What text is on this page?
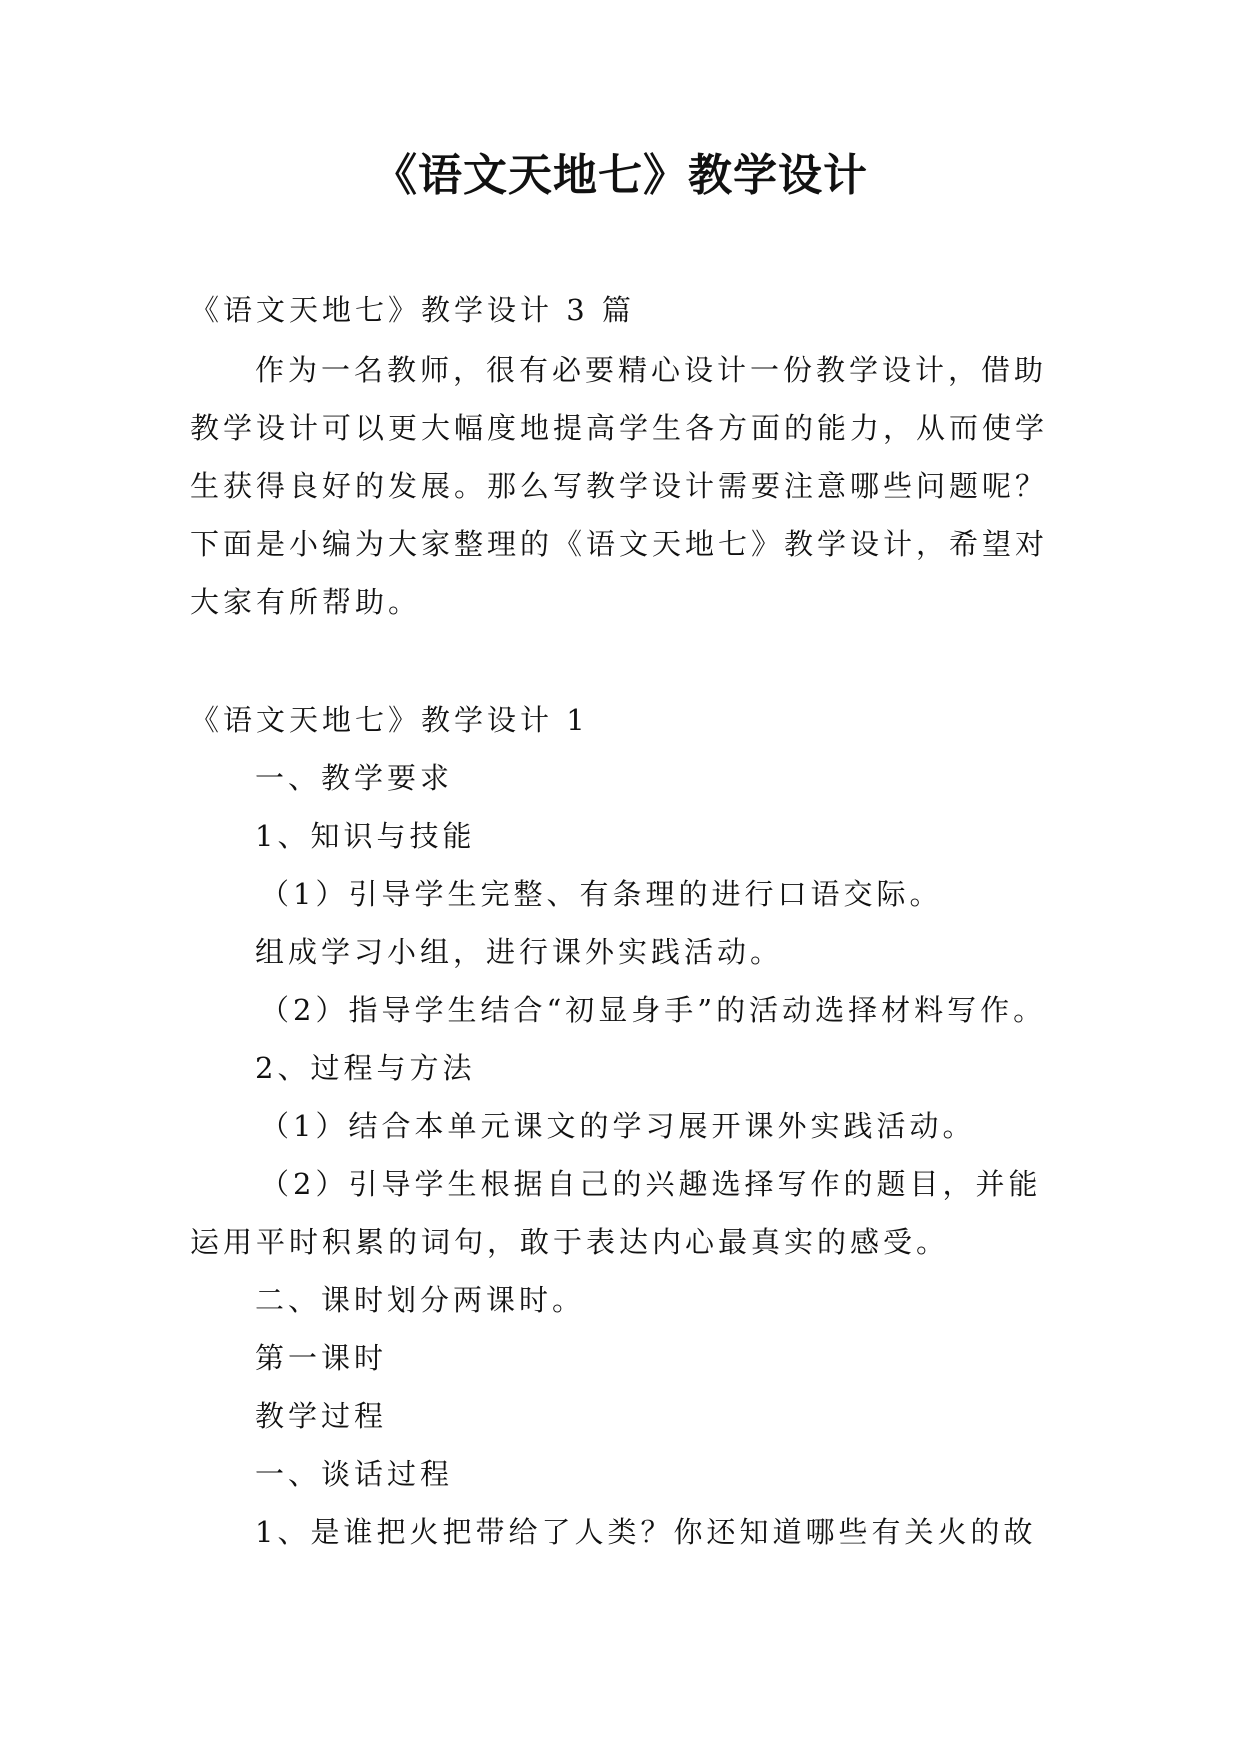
《语文天地七》教学设计

《语文天地七》教学设计 3 篇

作为一名教师，很有必要精心设计一份教学设计，借助

教学设计可以更大幅度地提高学生各方面的能力，从而使学

生获得良好的发展。那么写教学设计需要注意哪些问题呢？

下面是小编为大家整理的《语文天地七》教学设计，希望对

大家有所帮助。

《语文天地七》教学设计 1

一、教学要求

1、知识与技能

（1）引导学生完整、有条理的进行口语交际。

组成学习小组，进行课外实践活动。

（2）指导学生结合“初显身手”的活动选择材料写作。

2、过程与方法

（1）结合本单元课文的学习展开课外实践活动。

（2）引导学生根据自己的兴趣选择写作的题目，并能

运用平时积累的词句，敢于表达内心最真实的感受。

二、课时划分两课时。

第一课时

教学过程

一、谈话过程

1、是谁把火把带给了人类？你还知道哪些有关火的故
